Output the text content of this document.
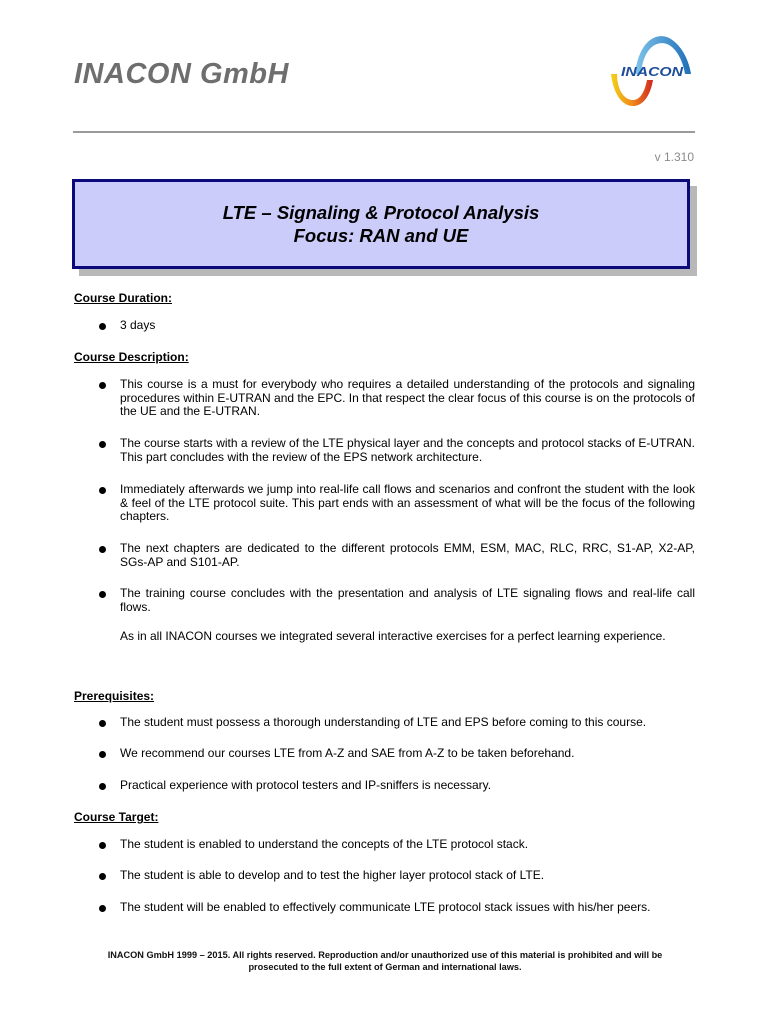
INACON GmbH	INACON
v 1.310
LTE – Signaling & Protocol Analysis
Focus: RAN and UE
Course Duration:
3 days
Course Description:
This course is a must for everybody who requires a detailed understanding of the protocols and signaling procedures within E-UTRAN and the EPC. In that respect the clear focus of this course is on the protocols of the UE and the E-UTRAN.
The course starts with a review of the LTE physical layer and the concepts and protocol stacks of E-UTRAN. This part concludes with the review of the EPS network architecture.
Immediately afterwards we jump into real-life call flows and scenarios and confront the student with the look & feel of the LTE protocol suite. This part ends with an assessment of what will be the focus of the following chapters.
The next chapters are dedicated to the different protocols EMM, ESM, MAC, RLC, RRC, S1-AP, X2-AP, SGs-AP and S101-AP.
The training course concludes with the presentation and analysis of LTE signaling flows and real-life call flows.
As in all INACON courses we integrated several interactive exercises for a perfect learning experience.
Prerequisites:
The student must possess a thorough understanding of LTE and EPS before coming to this course.
We recommend our courses LTE from A-Z and SAE from A-Z to be taken beforehand.
Practical experience with protocol testers and IP-sniffers is necessary.
Course Target:
The student is enabled to understand the concepts of the LTE protocol stack.
The student is able to develop and to test the higher layer protocol stack of LTE.
The student will be enabled to effectively communicate LTE protocol stack issues with his/her peers.
INACON GmbH 1999 – 2015. All rights reserved. Reproduction and/or unauthorized use of this material is prohibited and will be
prosecuted to the full extent of German and international laws.
